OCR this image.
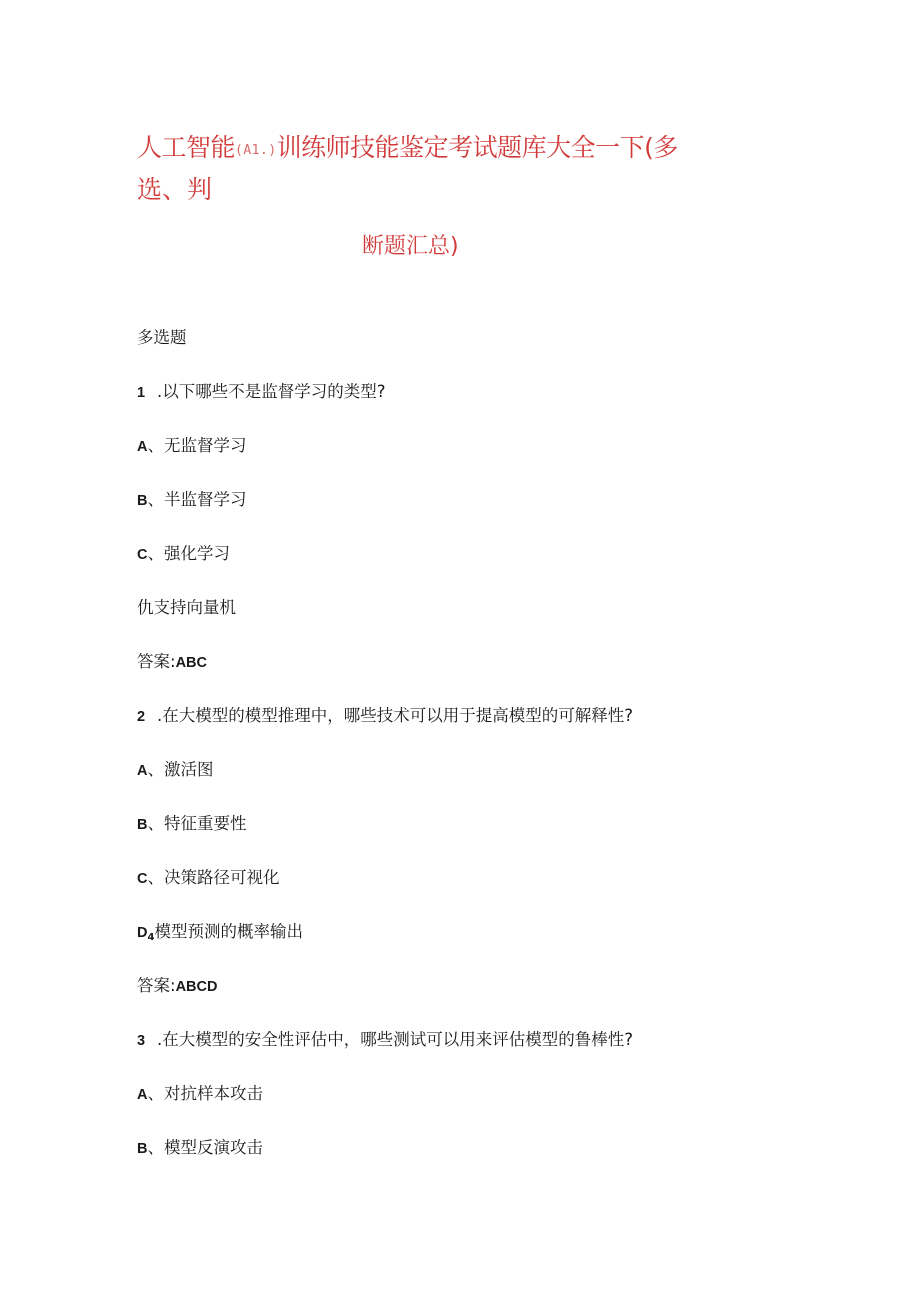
人工智能(A1.)训练师技能鉴定考试题库大全一下(多
选、判
断题汇总)
多选题
1 .以下哪些不是监督学习的类型?
A、无监督学习
B、半监督学习
C、强化学习
仇支持向量机
答案:ABC
2 .在大模型的模型推理中，哪些技术可以用于提高模型的可解释性?
A、激活图
B、特征重要性
C、决策路径可视化
$D_4$模型预测的概率输出
答案:ABCD
3 .在大模型的安全性评估中，哪些测试可以用来评估模型的鲁棒性?
A、对抗样本攻击
B、模型反演攻击
